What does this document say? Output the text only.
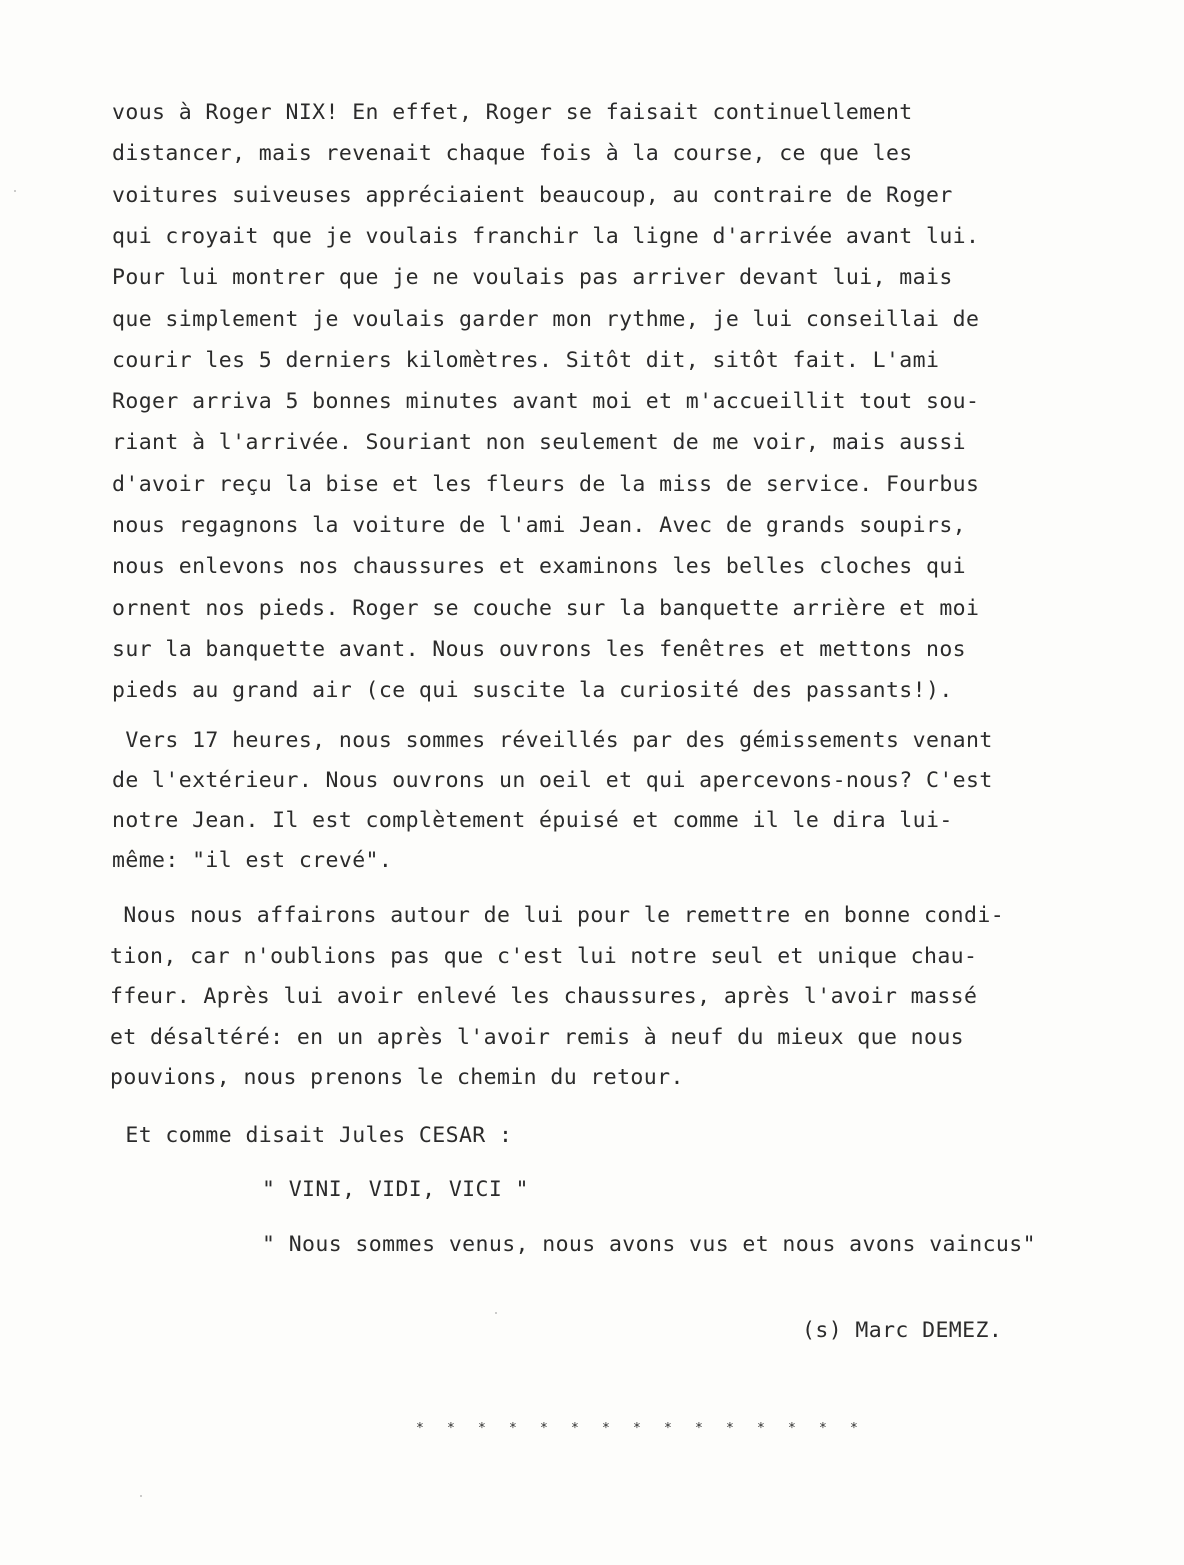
vous à Roger NIX! En effet, Roger se faisait continuellement
distancer, mais revenait chaque fois à la course, ce que les
voitures suiveuses appréciaient beaucoup, au contraire de Roger
qui croyait que je voulais franchir la ligne d'arrivée avant lui.
Pour lui montrer que je ne voulais pas arriver devant lui, mais
que simplement je voulais garder mon rythme, je lui conseillai de
courir les 5 derniers kilomètres. Sitôt dit, sitôt fait. L'ami
Roger arriva 5 bonnes minutes avant moi et m'accueillit tout sou-
riant à l'arrivée. Souriant non seulement de me voir, mais aussi
d'avoir reçu la bise et les fleurs de la miss de service. Fourbus
nous regagnons la voiture de l'ami Jean. Avec de grands soupirs,
nous enlevons nos chaussures et examinons les belles cloches qui
ornent nos pieds. Roger se couche sur la banquette arrière et moi
sur la banquette avant. Nous ouvrons les fenêtres et mettons nos
pieds au grand air (ce qui suscite la curiosité des passants!).
Vers 17 heures, nous sommes réveillés par des gémissements venant
de l'extérieur. Nous ouvrons un oeil et qui apercevons-nous? C'est
notre Jean. Il est complètement épuisé et comme il le dira lui-
même: "il est crevé".
Nous nous affairons autour de lui pour le remettre en bonne condi-
tion, car n'oublions pas que c'est lui notre seul et unique chau-
ffeur. Après lui avoir enlevé les chaussures, après l'avoir massé
et désaltéré: en un après l'avoir remis à neuf du mieux que nous
pouvions, nous prenons le chemin du retour.
Et comme disait Jules CESAR :
" VINI, VIDI, VICI "
" Nous sommes venus, nous avons vus et nous avons vaincus"
(s) Marc DEMEZ.
* * * * * * * * * * * * * * *
